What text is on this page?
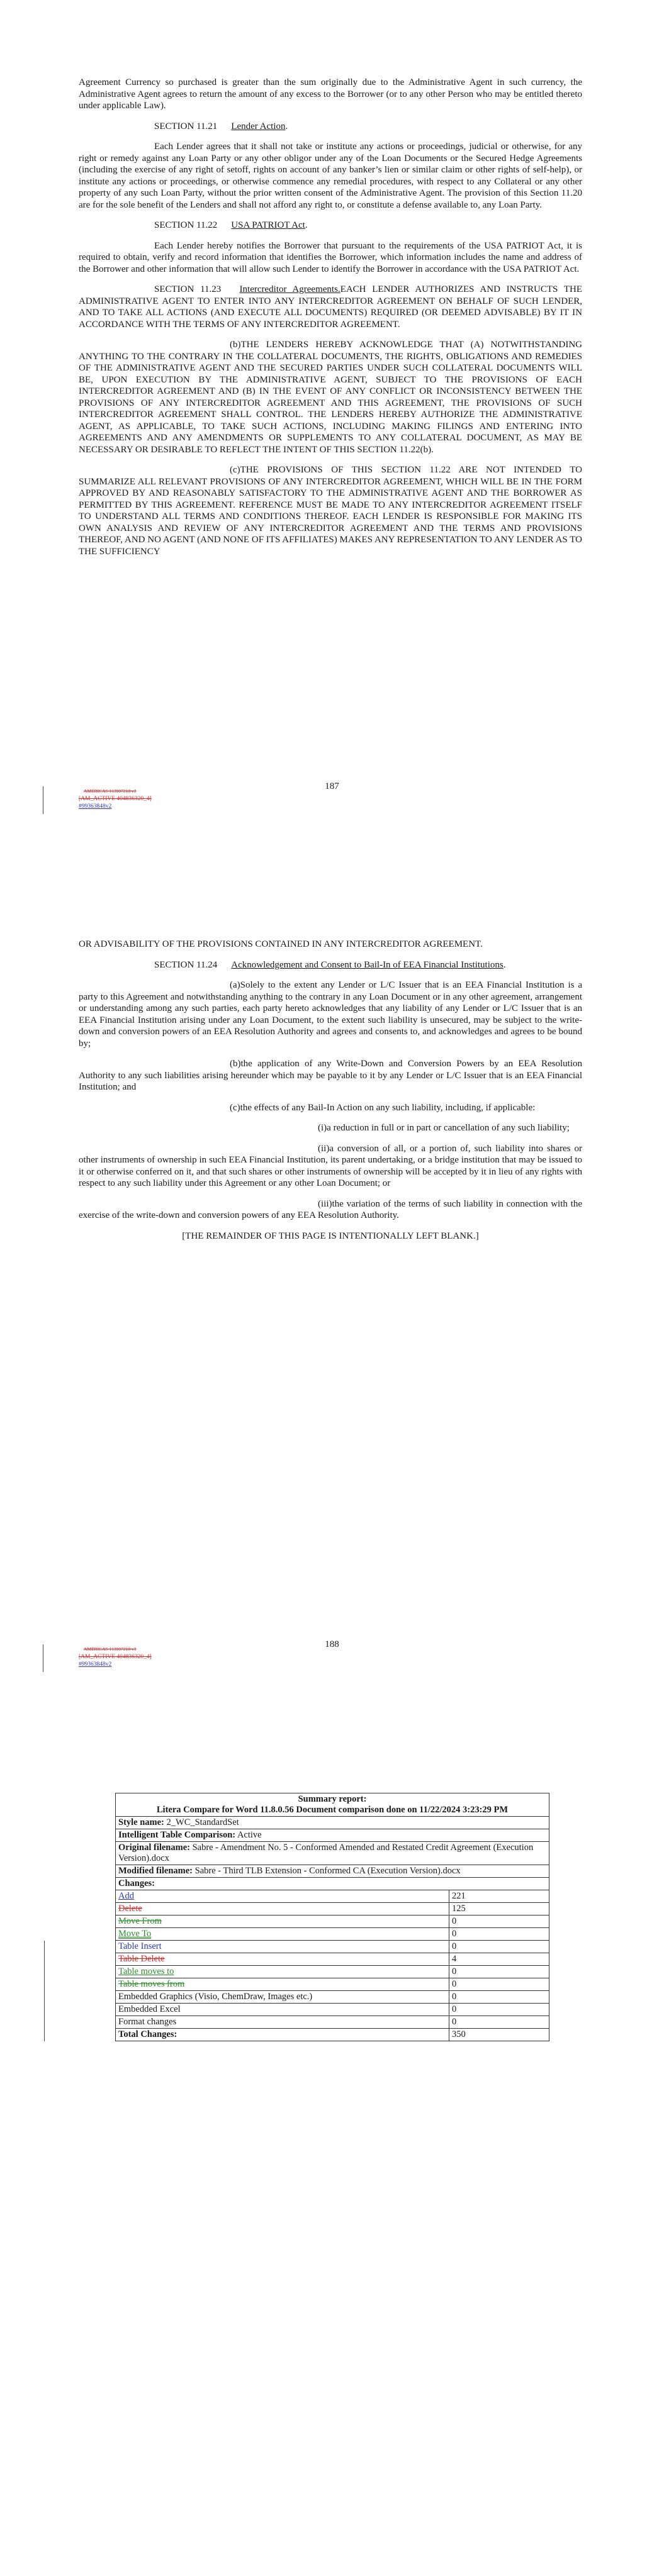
Agreement Currency so purchased is greater than the sum originally due to the Administrative Agent in such currency, the Administrative Agent agrees to return the amount of any excess to the Borrower (or to any other Person who may be entitled thereto under applicable Law).

SECTION 11.21 Lender Action.

Each Lender agrees that it shall not take or institute any actions or proceedings, judicial or otherwise, for any right or remedy against any Loan Party or any other obligor under any of the Loan Documents or the Secured Hedge Agreements (including the exercise of any right of setoff, rights on account of any banker’s lien or similar claim or other rights of self-help), or institute any actions or proceedings, or otherwise commence any remedial procedures, with respect to any Collateral or any other property of any such Loan Party, without the prior written consent of the Administrative Agent. The provision of this Section 11.20 are for the sole benefit of the Lenders and shall not afford any right to, or constitute a defense available to, any Loan Party.

SECTION 11.22 USA PATRIOT Act.

Each Lender hereby notifies the Borrower that pursuant to the requirements of the USA PATRIOT Act, it is required to obtain, verify and record information that identifies the Borrower, which information includes the name and address of the Borrower and other information that will allow such Lender to identify the Borrower in accordance with the USA PATRIOT Act.

SECTION 11.23 Intercreditor Agreements.EACH LENDER AUTHORIZES AND INSTRUCTS THE ADMINISTRATIVE AGENT TO ENTER INTO ANY INTERCREDITOR AGREEMENT ON BEHALF OF SUCH LENDER, AND TO TAKE ALL ACTIONS (AND EXECUTE ALL DOCUMENTS) REQUIRED (OR DEEMED ADVISABLE) BY IT IN ACCORDANCE WITH THE TERMS OF ANY INTERCREDITOR AGREEMENT.

(b)THE LENDERS HEREBY ACKNOWLEDGE THAT (A) NOTWITHSTANDING ANYTHING TO THE CONTRARY IN THE COLLATERAL DOCUMENTS, THE RIGHTS, OBLIGATIONS AND REMEDIES OF THE ADMINISTRATIVE AGENT AND THE SECURED PARTIES UNDER SUCH COLLATERAL DOCUMENTS WILL BE, UPON EXECUTION BY THE ADMINISTRATIVE AGENT, SUBJECT TO THE PROVISIONS OF EACH INTERCREDITOR AGREEMENT AND (B) IN THE EVENT OF ANY CONFLICT OR INCONSISTENCY BETWEEN THE PROVISIONS OF ANY INTERCREDITOR AGREEMENT AND THIS AGREEMENT, THE PROVISIONS OF SUCH INTERCREDITOR AGREEMENT SHALL CONTROL. THE LENDERS HEREBY AUTHORIZE THE ADMINISTRATIVE AGENT, AS APPLICABLE, TO TAKE SUCH ACTIONS, INCLUDING MAKING FILINGS AND ENTERING INTO AGREEMENTS AND ANY AMENDMENTS OR SUPPLEMENTS TO ANY COLLATERAL DOCUMENT, AS MAY BE NECESSARY OR DESIRABLE TO REFLECT THE INTENT OF THIS SECTION 11.22(b).

(c)THE PROVISIONS OF THIS SECTION 11.22 ARE NOT INTENDED TO SUMMARIZE ALL RELEVANT PROVISIONS OF ANY INTERCREDITOR AGREEMENT, WHICH WILL BE IN THE FORM APPROVED BY AND REASONABLY SATISFACTORY TO THE ADMINISTRATIVE AGENT AND THE BORROWER AS PERMITTED BY THIS AGREEMENT. REFERENCE MUST BE MADE TO ANY INTERCREDITOR AGREEMENT ITSELF TO UNDERSTAND ALL TERMS AND CONDITIONS THEREOF. EACH LENDER IS RESPONSIBLE FOR MAKING ITS OWN ANALYSIS AND REVIEW OF ANY INTERCREDITOR AGREEMENT AND THE TERMS AND PROVISIONS THEREOF, AND NO AGENT (AND NONE OF ITS AFFILIATES) MAKES ANY REPRESENTATION TO ANY LENDER AS TO THE SUFFICIENCY

187
AMERICAS 113997218 v3
[AM_ACTIVE 404836320_4]
#99363848v2

OR ADVISABILITY OF THE PROVISIONS CONTAINED IN ANY INTERCREDITOR AGREEMENT.

SECTION 11.24 Acknowledgement and Consent to Bail-In of EEA Financial Institutions.

(a)Solely to the extent any Lender or L/C Issuer that is an EEA Financial Institution is a party to this Agreement and notwithstanding anything to the contrary in any Loan Document or in any other agreement, arrangement or understanding among any such parties, each party hereto acknowledges that any liability of any Lender or L/C Issuer that is an EEA Financial Institution arising under any Loan Document, to the extent such liability is unsecured, may be subject to the write-down and conversion powers of an EEA Resolution Authority and agrees and consents to, and acknowledges and agrees to be bound by;

(b)the application of any Write-Down and Conversion Powers by an EEA Resolution Authority to any such liabilities arising hereunder which may be payable to it by any Lender or L/C Issuer that is an EEA Financial Institution; and

(c)the effects of any Bail-In Action on any such liability, including, if applicable:

(i)a reduction in full or in part or cancellation of any such liability;

(ii)a conversion of all, or a portion of, such liability into shares or other instruments of ownership in such EEA Financial Institution, its parent undertaking, or a bridge institution that may be issued to it or otherwise conferred on it, and that such shares or other instruments of ownership will be accepted by it in lieu of any rights with respect to any such liability under this Agreement or any other Loan Document; or

(iii)the variation of the terms of such liability in connection with the exercise of the write-down and conversion powers of any EEA Resolution Authority.

[THE REMAINDER OF THIS PAGE IS INTENTIONALLY LEFT BLANK.]

188
AMERICAS 113997218 v3
[AM_ACTIVE 404836320_4]
#99363848v2
Summary report:
Litera Compare for Word 11.8.0.56 Document comparison done on 11/22/2024 3:23:29 PM	

Style name: 2_WC_StandardSet	
Intelligent Table Comparison: Active	
Original filename: Sabre - Amendment No. 5 - Conformed Amended and Restated Credit Agreement (Execution Version).docx	
Modified filename: Sabre - Third TLB Extension - Conformed CA (Execution Version).docx	
Changes:	
Add	221
Delete	125
Move From	0
Move To	0
Table Insert	0
Table Delete	4
Table moves to	0
Table moves from	0
Embedded Graphics (Visio, ChemDraw, Images etc.)	0
Embedded Excel	0
Format changes	0
Total Changes:	350
